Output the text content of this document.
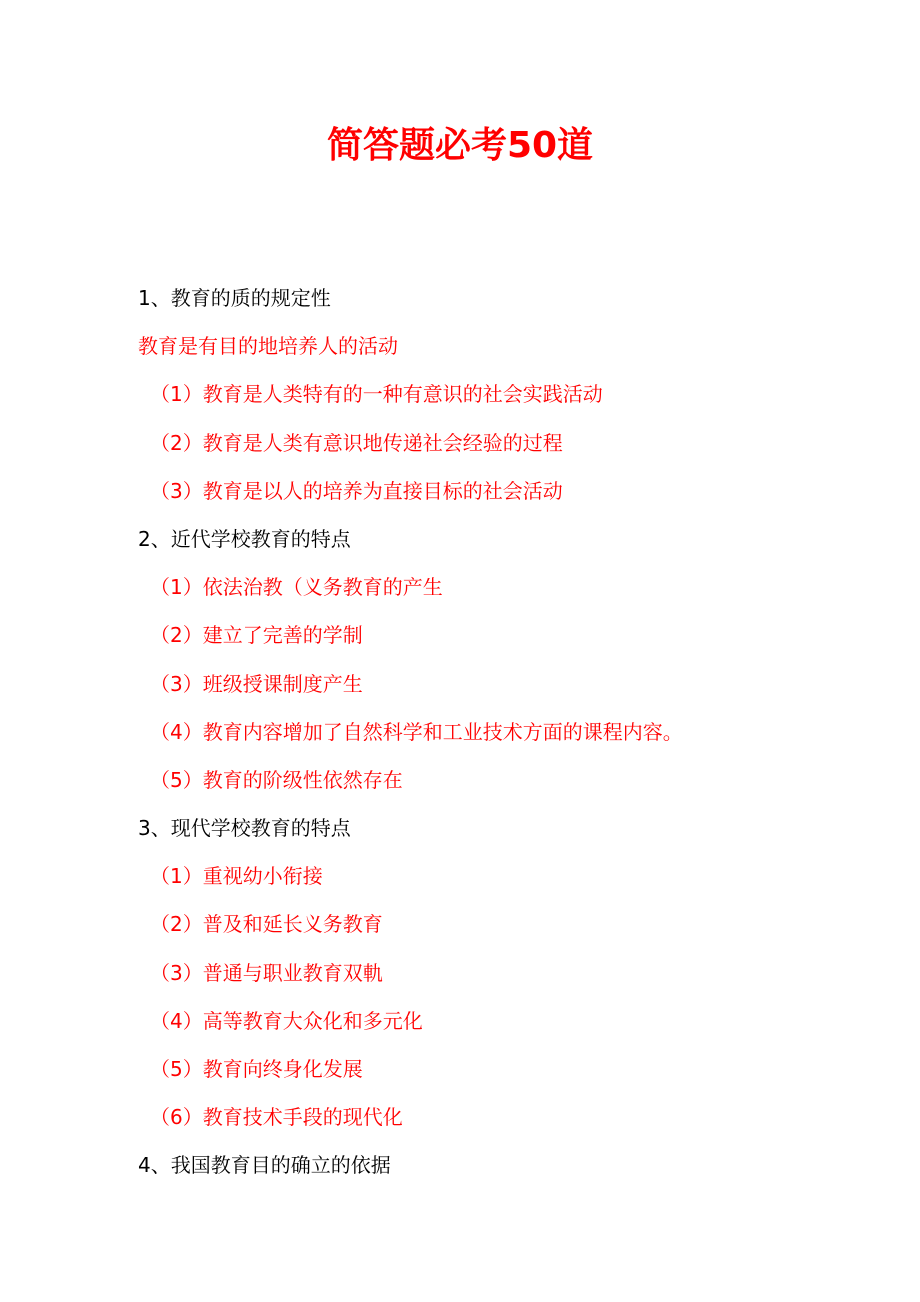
简答题必考50道

1、教育的质的规定性

教育是有目的地培养人的活动

（1）教育是人类特有的一种有意识的社会实践活动

（2）教育是人类有意识地传递社会经验的过程

（3）教育是以人的培养为直接目标的社会活动

2、近代学校教育的特点

（1）依法治教（义务教育的产生

（2）建立了完善的学制

（3）班级授课制度产生

（4）教育内容增加了自然科学和工业技术方面的课程内容。

（5）教育的阶级性依然存在

3、现代学校教育的特点

（1）重视幼小衔接

（2）普及和延长义务教育

（3）普通与职业教育双軌

（4）高等教育大众化和多元化

（5）教育向终身化发展

（6）教育技术手段的现代化

4、我国教育目的确立的依据
